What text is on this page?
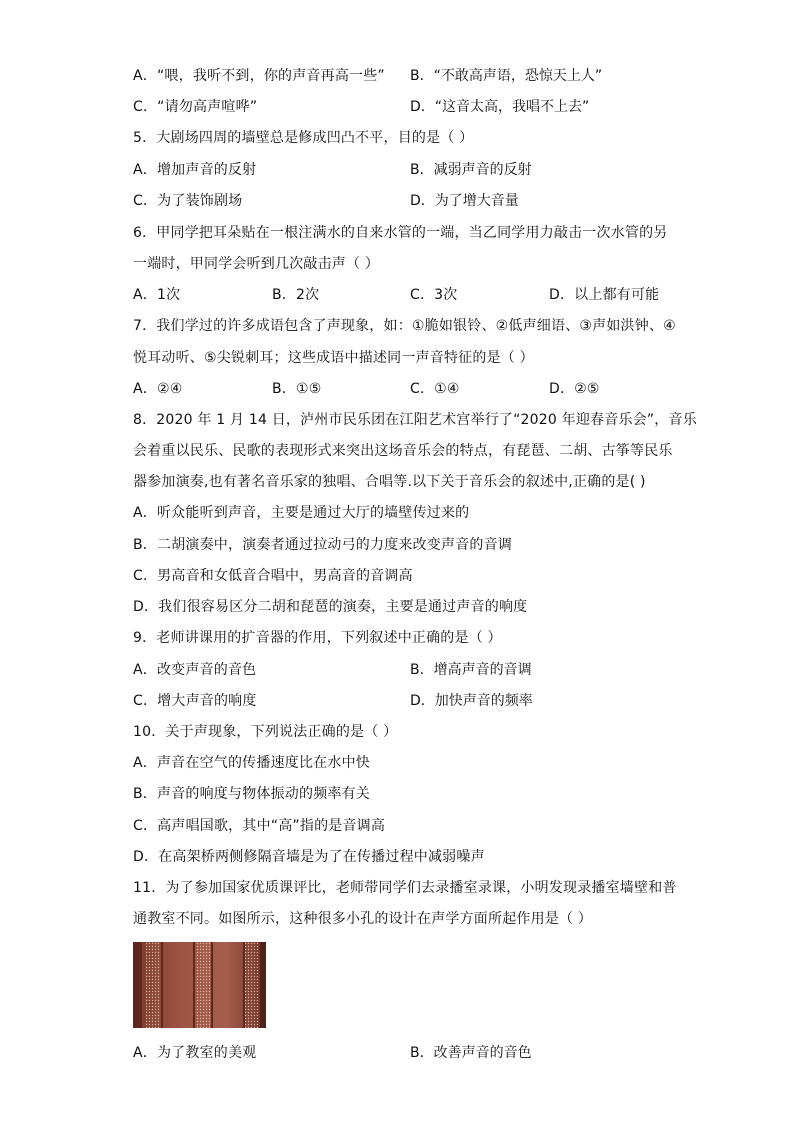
A．“喂，我听不到，你的声音再高一些” B．“不敢高声语，恐惊天上人”
C．“请勿高声喧哗”	D．“这音太高，我唱不上去”
5．大剧场四周的墙壁总是修成凹凸不平，目的是（ ）
A．增加声音的反射	B．减弱声音的反射
C．为了装饰剧场	D．为了增大音量
6．甲同学把耳朵贴在一根注满水的自来水管的一端，当乙同学用力敲击一次水管的另
一端时，甲同学会听到几次敲击声（ ）
A．1次	B．2次	C．3次	D．以上都有可能
7．我们学过的许多成语包含了声现象，如：①脆如银铃、②低声细语、③声如洪钟、④
悦耳动听、⑤尖锐刺耳；这些成语中描述同一声音特征的是（ ）
A．②④	B．①⑤	C．①④	D．②⑤
8．2020 年 1 月 14 日，泸州市民乐团在江阳艺术宫举行了“2020 年迎春音乐会”，音乐
会着重以民乐、民歌的表现形式来突出这场音乐会的特点，有琵琶、二胡、古筝等民乐
器参加演奏,也有著名音乐家的独唱、合唱等.以下关于音乐会的叙述中,正确的是( )
A．听众能听到声音，主要是通过大厅的墙壁传过来的
B．二胡演奏中，演奏者通过拉动弓的力度来改变声音的音调
C．男高音和女低音合唱中，男高音的音调高
D．我们很容易区分二胡和琵琶的演奏，主要是通过声音的响度
9．老师讲课用的扩音器的作用，下列叙述中正确的是（ ）
A．改变声音的音色	B．增高声音的音调
C．增大声音的响度	D．加快声音的频率
10．关于声现象，下列说法正确的是（ ）
A．声音在空气的传播速度比在水中快
B．声音的响度与物体振动的频率有关
C．高声唱国歌，其中“高”指的是音调高
D．在高架桥两侧修隔音墙是为了在传播过程中减弱噪声
11．为了参加国家优质课评比，老师带同学们去录播室录课，小明发现录播室墙壁和普
通教室不同。如图所示，这种很多小孔的设计在声学方面所起作用是（ ）
A．为了教室的美观	B．改善声音的音色
